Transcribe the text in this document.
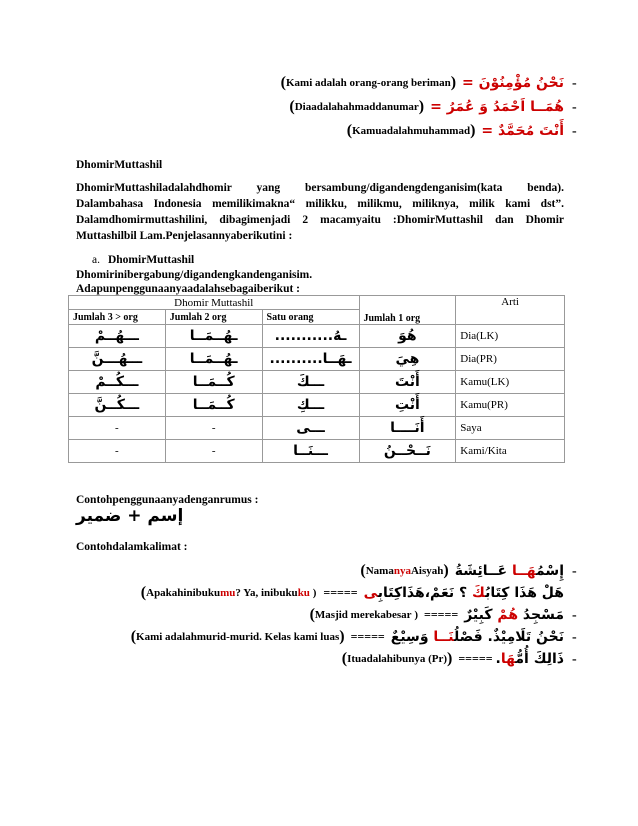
(Kami adalah orang-orang beriman) نَحْنُ مُؤْمِنُوْنَ = -
(Diaadalahahmaddanumar) هُمَــا اَحْمَدُ وَ عُمَرُ = -
(Kamuadalahmuhammad) أَنْتَ مُحَمَّدٌ = -
DhomirMuttashil
DhomirMuttashiladalahdhomir yang bersambung/digandengdenganisim(kata benda). Dalambahasa Indonesia memilikimakna“ milikku, milikmu, miliknya, milik kami dst”. Dalamdhomirmuttashilini, dibagimenjadi 2 macamyaitu :DhomirMuttashil dan Dhomir Muttashilbil Lam.Penjelasannyaberikutini :
a. DhomirMuttashil
Dhomirinibergabung/digandengkandenganisim.
Adapunpenggunaanyaadalahsebagaiberikut :
Dhomir Muttashil			Jumlah 1 org	Arti
Jumlah 3 > org	Jumlah 2 org	Satu orang		
ـــهُــمْ	ـهُــمَــا	ـهُ...........	هُوَ	Dia(LK)
ـــهُـــنَّ	ـهُــمَــا	ـهَــا..........	هِيَ	Dia(PR)
ـــكُــمْ	كُــمَــا	ـــكَ	أَنْتَ	Kamu(LK)
ـــكُــنَّ	كُــمَــا	ـــكِ	أَنْتِ	Kamu(PR)
-	-	ـــى	أَنَــــا	Saya
-	-	ـــنَــا	نَــحْــنُ	Kami/Kita
Contohpenggunaanyadenganrumus :
إسم + ضمير
Contohdalamkalimat :
(NamanyaAisyah)	إِسْمُهَــا عَــائِشَةُ	-
(Apakahinibukumu? Ya, inibukuku ) =====	هَلْ هَذَا كِتَابُكَ ؟ نَعَمْ،هَذَاكِتَابِى
(Masjid merekabesar ) =====	مَسْجِدُ هُمْ كَبِيْرٌ	-
(Kami adalahmurid-murid. Kelas kami luas) =====	نَحْنُ تَلَامِيْذٌ. فَصْلُنَــا وَسِيْعٌ	-
(Ituadalahibunya (Pr)) ===== ذَالِكَ أُمُّهَا.	-
